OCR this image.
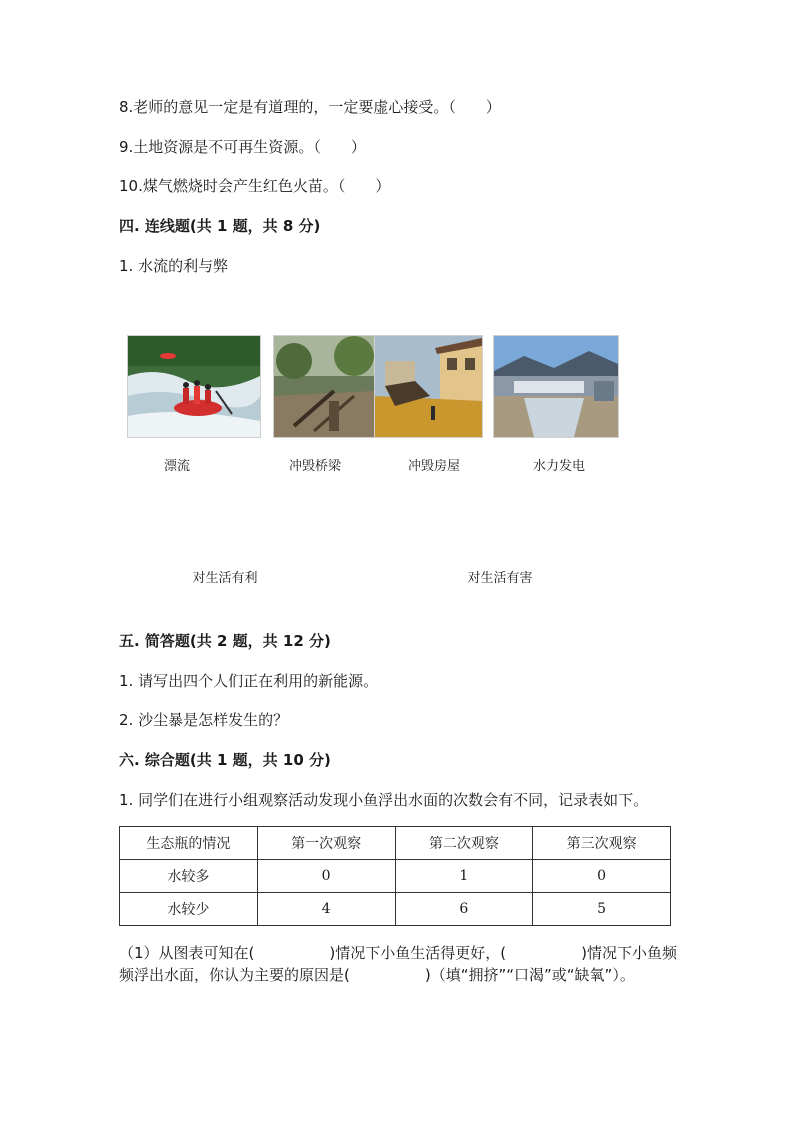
8.老师的意见一定是有道理的，一定要虚心接受。（　　）
9.土地资源是不可再生资源。（　　）
10.煤气燃烧时会产生红色火苗。（　　）
四. 连线题(共 1 题，共 8 分)
1. 水流的利与弊
漂流	冲毁桥梁	冲毁房屋	水力发电
对生活有利	对生活有害
五. 简答题(共 2 题，共 12 分)
1. 请写出四个人们正在利用的新能源。
2. 沙尘暴是怎样发生的？
六. 综合题(共 1 题，共 10 分)
1. 同学们在进行小组观察活动发现小鱼浮出水面的次数会有不同，记录表如下。
生态瓶的情况	第一次观察	第二次观察	第三次观察
水较多	0	1	0
水较少	4	6	5
（1）从图表可知在(　　　　　)情况下小鱼生活得更好，(　　　　　)情况下小鱼频频浮出水面，你认为主要的原因是(　　　　　)（填“拥挤”“口渴”或“缺氧”）。
